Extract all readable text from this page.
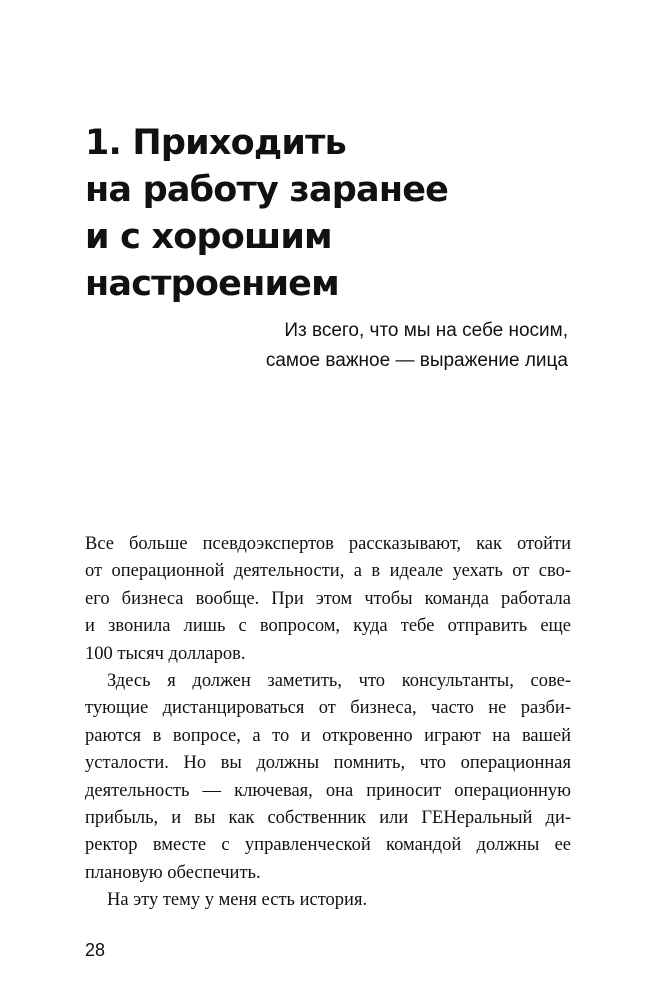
1. Приходить
на работу заранее
и с хорошим
настроением
Из всего, что мы на себе носим,
самое важное — выражение лица

Все больше псевдоэкспертов рассказывают, как отойти
от операционной деятельности, а в идеале уехать от сво-
его бизнеса вообще. При этом чтобы команда работала
и звонила лишь с вопросом, куда тебе отправить еще
100 тысяч долларов.

Здесь я должен заметить, что консультанты, сове-
тующие дистанцироваться от бизнеса, часто не разби-
раются в вопросе, а то и откровенно играют на вашей
усталости. Но вы должны помнить, что операционная
деятельность — ключевая, она приносит операционную
прибыль, и вы как собственник или ГЕНеральный ди-
ректор вместе с управленческой командой должны ее
плановую обеспечить.

На эту тему у меня есть история.

28
